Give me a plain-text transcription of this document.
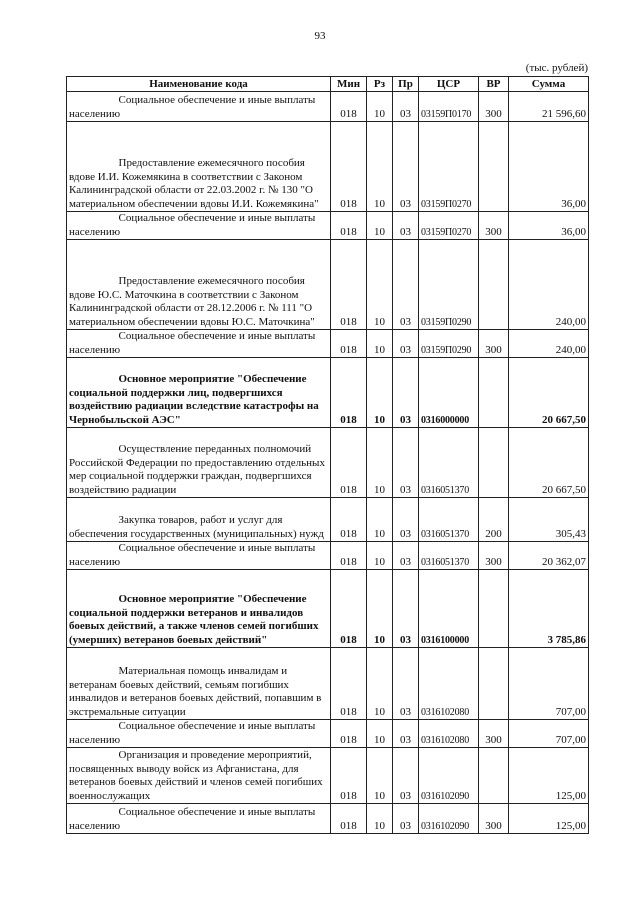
93
(тыс. рублей)
Наименование кода	Мин	Рз	Пр	ЦСР	ВР	Сумма
Социальное обеспечение и иные выплаты населению	018	10	03	03159П0170	300	21 596,60
Предоставление ежемесячного пособия вдове И.И. Кожемякина в соответствии с Законом Калининградской области от 22.03.2002 г. № 130 "О материальном обеспечении вдовы И.И. Кожемякина"	018	10	03	03159П0270		36,00
Социальное обеспечение и иные выплаты населению	018	10	03	03159П0270	300	36,00
Предоставление ежемесячного пособия вдове Ю.С. Маточкина в соответствии с Законом Калининградской области от 28.12.2006 г. № 111 "О материальном обеспечении вдовы Ю.С. Маточкина"	018	10	03	03159П0290		240,00
Социальное обеспечение и иные выплаты населению	018	10	03	03159П0290	300	240,00
Основное мероприятие "Обеспечение социальной поддержки лиц, подвергшихся воздействию радиации вследствие катастрофы на Чернобыльской АЭС"	018	10	03	0316000000		20 667,50
Осуществление переданных полномочий Российской Федерации по предоставлению отдельных мер социальной поддержки граждан, подвергшихся воздействию радиации	018	10	03	0316051370		20 667,50
Закупка товаров, работ и услуг для обеспечения государственных (муниципальных) нужд	018	10	03	0316051370	200	305,43
Социальное обеспечение и иные выплаты населению	018	10	03	0316051370	300	20 362,07
Основное мероприятие "Обеспечение социальной поддержки ветеранов и инвалидов боевых действий, а также членов семей погибших (умерших) ветеранов боевых действий"	018	10	03	0316100000		3 785,86
Материальная помощь инвалидам и ветеранам боевых действий, семьям погибших инвалидов и ветеранов боевых действий, попавшим в экстремальные ситуации	018	10	03	0316102080		707,00
Социальное обеспечение и иные выплаты населению	018	10	03	0316102080	300	707,00
Организация и проведение мероприятий, посвященных выводу войск из Афганистана, для ветеранов боевых действий и членов семей погибших военнослужащих	018	10	03	0316102090		125,00
Социальное обеспечение и иные выплаты населению	018	10	03	0316102090	300	125,00
